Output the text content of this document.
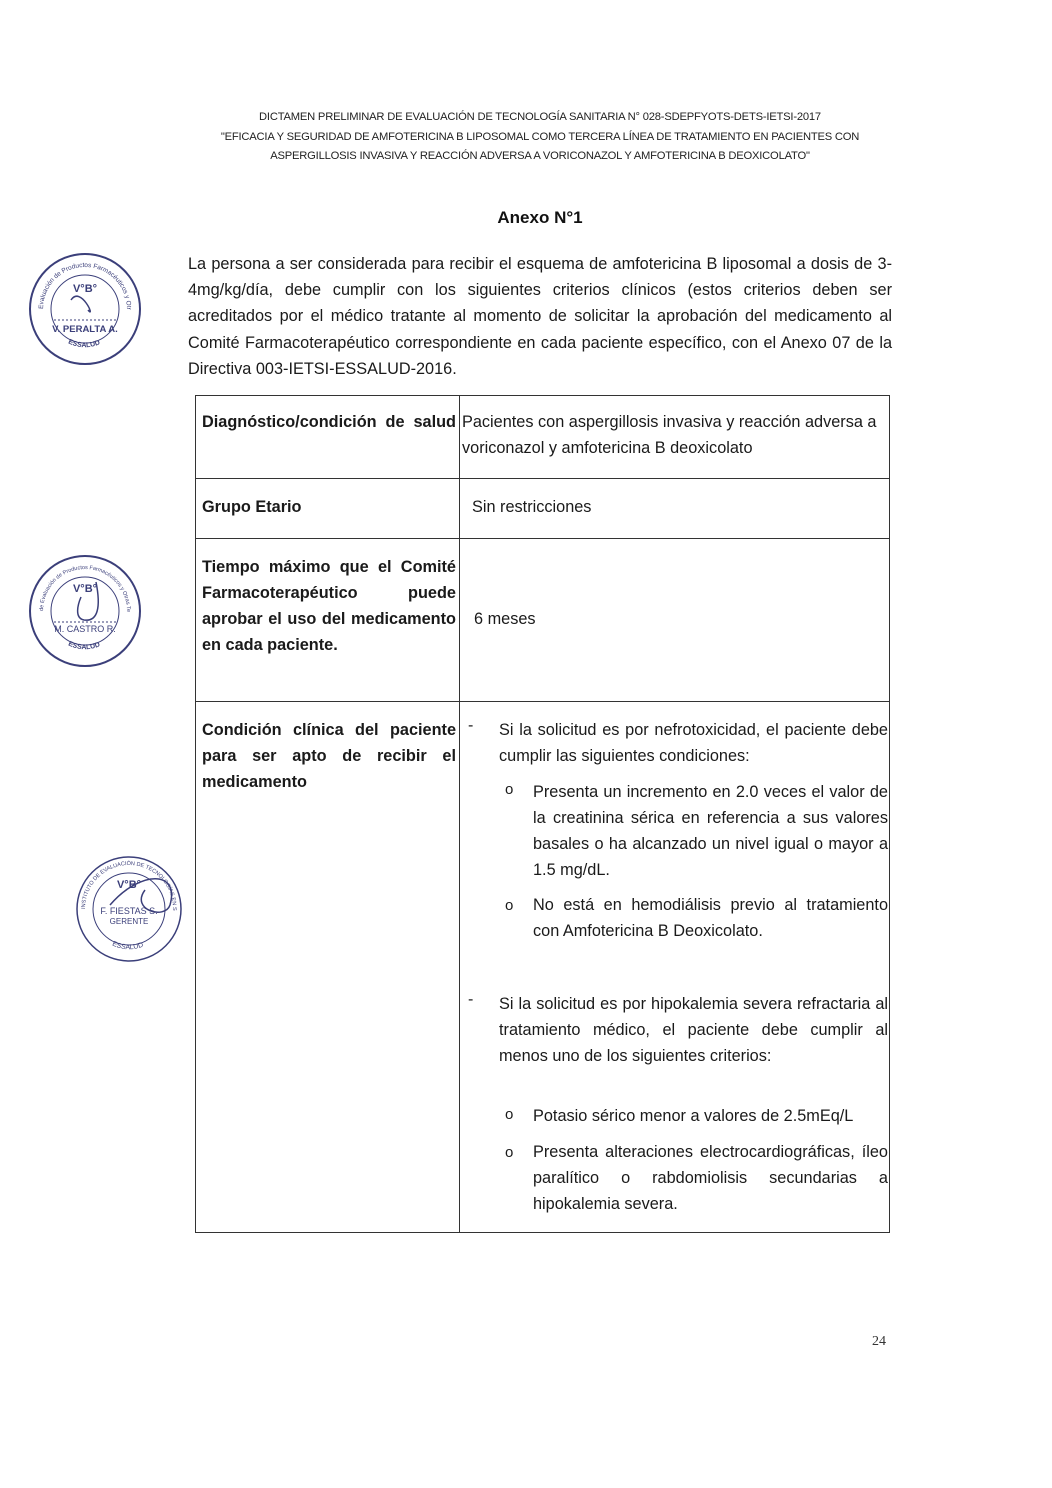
DICTAMEN PRELIMINAR DE EVALUACIÓN DE TECNOLOGÍA SANITARIA N° 028-SDEPFYOTS-DETS-IETSI-2017
"EFICACIA Y SEGURIDAD DE AMFOTERICINA B LIPOSOMAL COMO TERCERA LÍNEA DE TRATAMIENTO EN PACIENTES CON
ASPERGILLOSIS INVASIVA Y REACCIÓN ADVERSA A VORICONAZOL Y AMFOTERICINA B DEOXICOLATO"
Anexo N°1
La persona a ser considerada para recibir el esquema de amfotericina B liposomal a dosis de 3-4mg/kg/día, debe cumplir con los siguientes criterios clínicos (estos criterios deben ser acreditados por el médico tratante al momento de solicitar la aprobación del medicamento al Comité Farmacoterapéutico correspondiente en cada paciente específico, con el Anexo 07 de la Directiva 003-IETSI-ESSALUD-2016.
Evaluación de Productos Farmacéuticos y Otr
ESSALUD
V°B°
V. PERALTA A.
de Evaluación de Productos Farmacéuticos y Otras Te
ESSALUD
V°B°
M. CASTRO R.
INSTITUTO DE EVALUACIÓN DE TECNOLOGÍAS EN S
ESSALUD
V°B°
F. FIESTAS S.
GERENTE
Diagnóstico/condición de salud Pacientes con aspergillosis invasiva y reacción adversa a voriconazol y amfotericina B deoxicolato
Grupo Etario	Sin restricciones
Tiempo máximo que el Comité Farmacoterapéutico puede aprobar el uso del medicamento en cada paciente.
6 meses
Condición clínica del paciente para ser apto de recibir el medicamento
- Si la solicitud es por nefrotoxicidad, el paciente debe cumplir las siguientes condiciones:
o Presenta un incremento en 2.0 veces el valor de la creatinina sérica en referencia a sus valores basales o ha alcanzado un nivel igual o mayor a 1.5 mg/dL.
o No está en hemodiálisis previo al tratamiento con Amfotericina B Deoxicolato.
- Si la solicitud es por hipokalemia severa refractaria al tratamiento médico, el paciente debe cumplir al menos uno de los siguientes criterios:
o Potasio sérico menor a valores de 2.5mEq/L
o Presenta alteraciones electrocardiográficas, íleo paralítico o rabdomiolisis secundarias a hipokalemia severa.
24
